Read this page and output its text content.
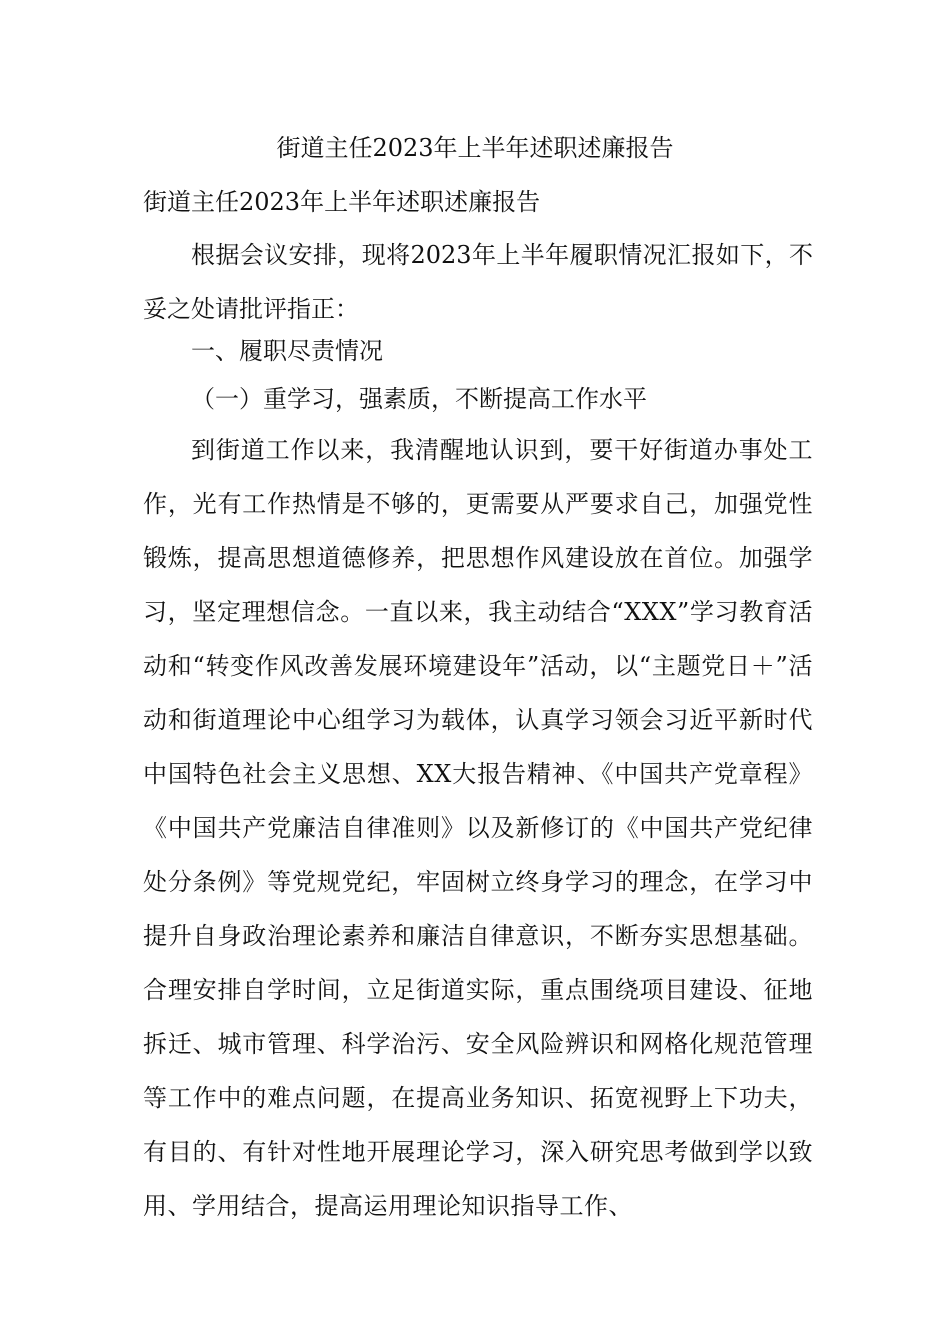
街道主任2023年上半年述职述廉报告

街道主任2023年上半年述职述廉报告

根据会议安排，现将2023年上半年履职情况汇报如下，不妥之处请批评指正：

一、履职尽责情况

（一）重学习，强素质，不断提高工作水平

到街道工作以来，我清醒地认识到，要干好街道办事处工作，光有工作热情是不够的，更需要从严要求自己，加强党性锻炼，提高思想道德修养，把思想作风建设放在首位。加强学习，坚定理想信念。一直以来，我主动结合“XXX”学习教育活动和“转变作风改善发展环境建设年”活动，以“主题党日＋”活动和街道理论中心组学习为载体，认真学习领会习近平新时代中国特色社会主义思想、XX大报告精神、《中国共产党章程》《中国共产党廉洁自律准则》以及新修订的《中国共产党纪律处分条例》等党规党纪，牢固树立终身学习的理念，在学习中提升自身政治理论素养和廉洁自律意识，不断夯实思想基础。合理安排自学时间，立足街道实际，重点围绕项目建设、征地拆迁、城市管理、科学治污、安全风险辨识和网格化规范管理等工作中的难点问题，在提高业务知识、拓宽视野上下功夫，有目的、有针对性地开展理论学习，深入研究思考做到学以致用、学用结合，提高运用理论知识指导工作、
